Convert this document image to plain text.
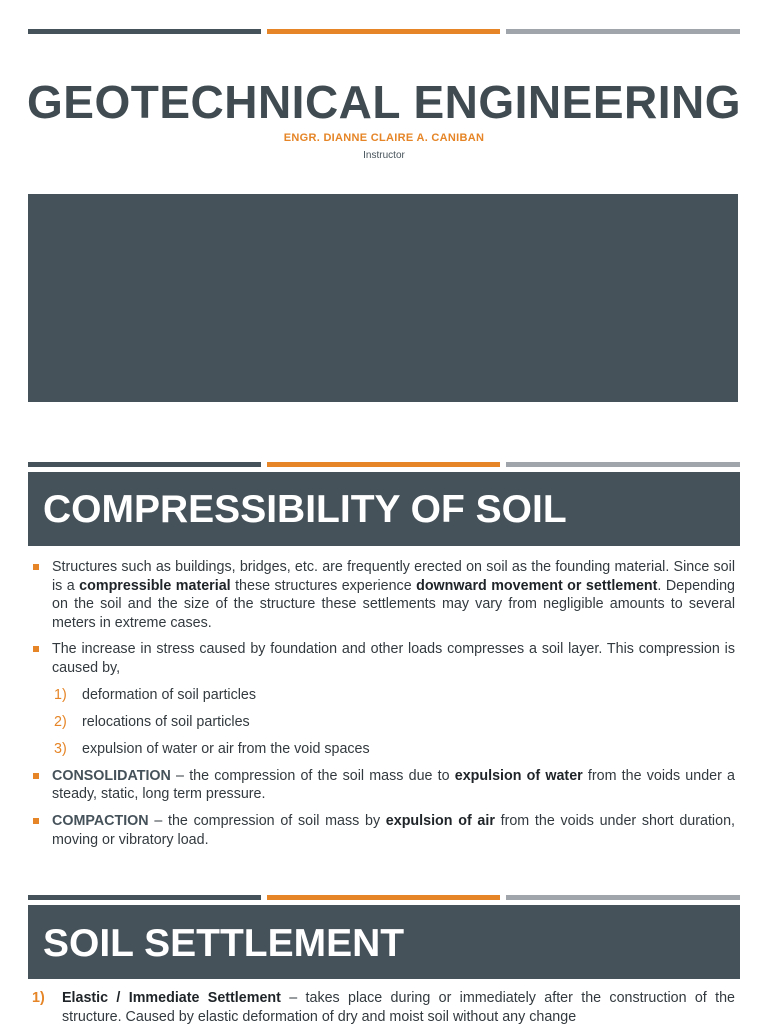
GEOTECHNICAL ENGINEERING
ENGR. DIANNE CLAIRE A. CANIBAN
Instructor
COMPRESSIBILITY OF SOIL

Structures such as buildings, bridges, etc. are frequently erected on soil as the founding material. Since soil is a compressible material these structures experience downward movement or settlement. Depending on the soil and the size of the structure these settlements may vary from negligible amounts to several meters in extreme cases.

The increase in stress caused by foundation and other loads compresses a soil layer. This compression is caused by,

1) deformation of soil particles

2) relocations of soil particles

3) expulsion of water or air from the void spaces

CONSOLIDATION – the compression of the soil mass due to expulsion of water from the voids under a steady, static, long term pressure.

COMPACTION – the compression of soil mass by expulsion of air from the voids under short duration, moving or vibratory load.

SOIL SETTLEMENT

1) Elastic / Immediate Settlement – takes place during or immediately after the construction of the structure. Caused by elastic deformation of dry and moist soil without any change
